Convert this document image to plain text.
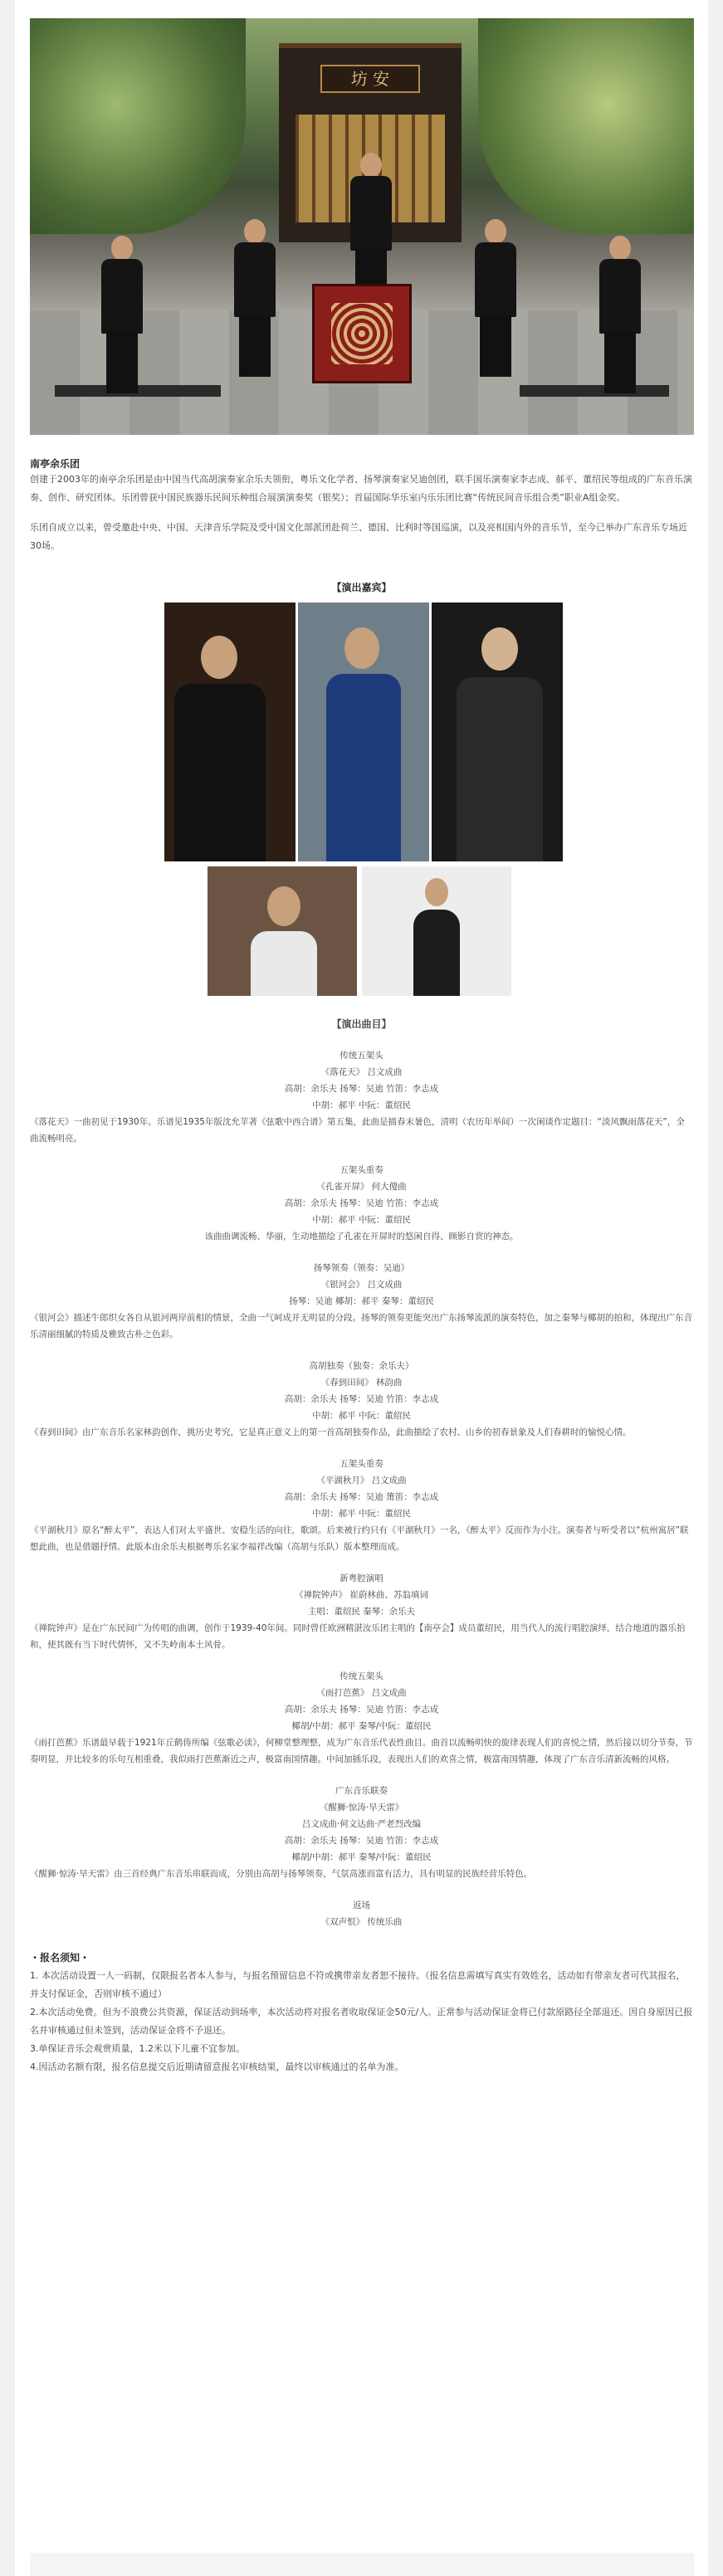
坊 安

南亭余乐团

创建于2003年的南亭余乐团是由中国当代高胡演奏家余乐夫领衔，粤乐文化学者、扬琴演奏家吴迪创团，联手国乐演奏家李志成、郝平、董绍民等组成的广东音乐演奏、创作、研究团体。乐团曾获中国民族器乐民间乐种组合展演演奏奖（银奖）；首届国际华乐室内乐乐团比赛“传统民间音乐组合类”职业A组金奖。

乐团自成立以来，曾受邀赴中央、中国、天津音乐学院及受中国文化部派团赴荷兰、德国、比利时等国巡演，以及亮相国内外的音乐节，至今已举办广东音乐专场近30场。

【演出嘉宾】

【演出曲目】

传统五架头

《落花天》 吕文成曲

高胡：余乐夫 扬琴：吴迪 竹笛：李志成

中胡：郝平 中阮：董绍民

《落花天》一曲初见于1930年。乐谱见1935年版沈允苹著《弦歌中西合谱》第五集，此曲是描春末暑色，清明（农历年举间）一次闲谈作定题目：“淡风飘雨落花天”，全曲流畅明亮。

五架头重奏

《孔雀开屏》 何大傻曲

高胡：余乐夫 扬琴：吴迪 竹笛：李志成

中胡：郝平 中阮：董绍民

该曲曲调流畅、华丽，生动地描绘了孔雀在开屏时的悠闲自得、顾影自赏的神态。

扬琴领奏（领奏：吴迪）

《银河会》 吕文成曲

扬琴：吴迪 椰胡：郝平 秦琴：董绍民

《银河会》描述牛郎织女各自从银河两岸前相的情景，全曲一气呵成并无明显的分段。扬琴的领奏更能突出广东扬琴流派的演奏特色，加之秦琴与椰胡的拍和，体现出广东音乐清丽细腻的特质及雅致古朴之色彩。

高胡独奏（独奏：余乐夫）

《春到田间》 林韵曲

高胡：余乐夫 扬琴：吴迪 竹笛：李志成

中胡：郝平 中阮：董绍民

《春到田间》由广东音乐名家林韵创作，挑历史考究，它是真正意义上的第一首高胡独奏作品，此曲描绘了农村、山乡的初春景象及人们春耕时的愉悦心情。

五架头重奏

《平湖秋月》 吕文成曲

高胡：余乐夫 扬琴：吴迪 箫笛：李志成

中胡：郝平 中阮：董绍民

《平湖秋月》原名“醉太平”，表达人们对太平盛世、安稳生活的向往，歌颂。后来被行约只有《平湖秋月》一名，《醉太平》反而作为小注。演奏者与听受者以“杭州寓居”联想此曲，也是借题抒情。此版本由余乐夫根据粤乐名家李福祥改编（高胡与乐队）版本整理而成。

新粤腔演唱

《禅院钟声》 崔蔚林曲、苏翁填词

主唱：董绍民 秦琴：余乐夫

《禅院钟声》是在广东民间广为传唱的曲调，创作于1939-40年间。同时曾任欧洲精湛汝乐团主唱的【南亭会】成员董绍民，用当代人的流行唱腔演绎，结合地道的器乐拍和，使其既有当下时代情怀，又不失岭南本土风骨。

传统五架头

《雨打芭蕉》 吕文成曲

高胡：余乐夫 扬琴：吴迪 竹笛：李志成

椰胡/中胡：郝平 秦琴/中阮：董绍民

《雨打芭蕉》乐谱最早载于1921年丘鹤俦所编《弦歌必读》，何柳堂整理整，成为广东音乐代表性曲目。曲首以流畅明快的旋律表现人们的喜悦之情，然后接以切分节奏，节奏明显，并比较多的乐句互相重叠，我似雨打芭蕉渐近之声，极富南国情趣。中间加插乐段，表现出人们的欢喜之情，极富南国情趣，体现了广东音乐清新流畅的风格。

广东音乐联奏

《醒狮·惊涛·旱天雷》

吕文成曲·何文达曲·严老烈改编

高胡：余乐夫 扬琴：吴迪 竹笛：李志成

椰胡/中胡：郝平 秦琴/中阮：董绍民

《醒狮·惊涛·旱天雷》由三首经典广东音乐串联而成，分别由高胡与扬琴领奏，气氛高涨而富有活力，具有明显的民族经营乐特色。

返场

《双声恨》 传统乐曲

・报名须知・

1. 本次活动设置一人一码制，仅限报名者本人参与，与报名预留信息不符或携带亲友者恕不接待。（报名信息需填写真实有效姓名，活动如有带亲友者可代其报名，并支付保证金，否则审核不通过）

2.本次活动免费。但为不浪费公共资源，保证活动到场率，本次活动将对报名者收取保证金50元/人。正常参与活动保证金将已付款原路径全部退还。因自身原因已报名并审核通过但未签到，活动保证金将不予退还。

3.单保证音乐会观赏质量，1.2米以下儿童不宜参加。

4.因活动名额有限，报名信息提交后近期请留意报名审核结果，最终以审核通过的名单为准。
